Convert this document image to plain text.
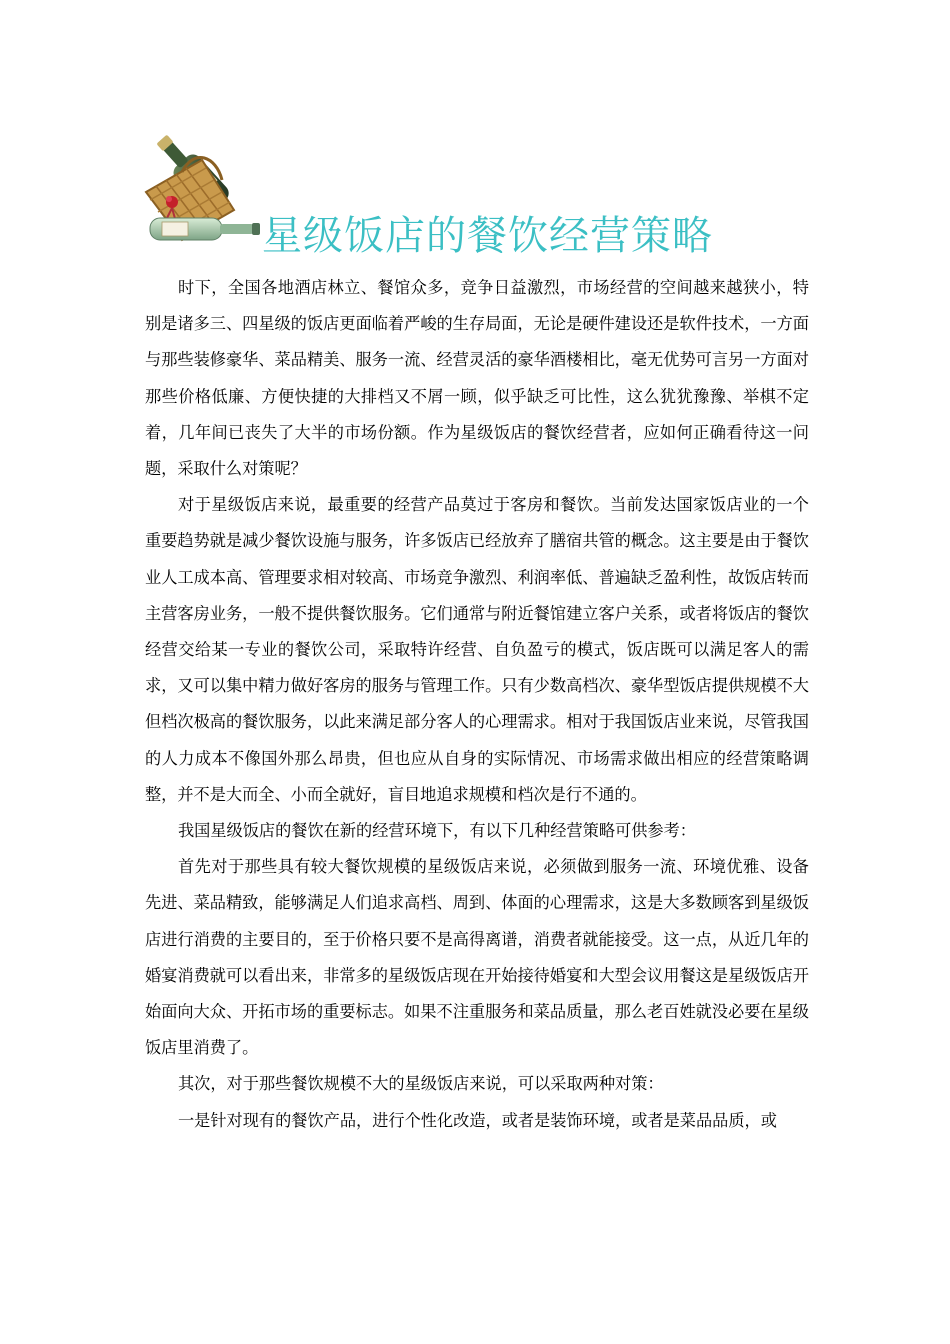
星级饭店的餐饮经营策略

时下，全国各地酒店林立、餐馆众多，竞争日益激烈，市场经营的空间越来越狭小，特别是诸多三、四星级的饭店更面临着严峻的生存局面，无论是硬件建设还是软件技术，一方面与那些装修豪华、菜品精美、服务一流、经营灵活的豪华酒楼相比，毫无优势可言另一方面对那些价格低廉、方便快捷的大排档又不屑一顾，似乎缺乏可比性，这么犹犹豫豫、举棋不定着，几年间已丧失了大半的市场份额。作为星级饭店的餐饮经营者，应如何正确看待这一问题，采取什么对策呢？

对于星级饭店来说，最重要的经营产品莫过于客房和餐饮。当前发达国家饭店业的一个重要趋势就是减少餐饮设施与服务，许多饭店已经放弃了膳宿共管的概念。这主要是由于餐饮业人工成本高、管理要求相对较高、市场竞争激烈、利润率低、普遍缺乏盈利性，故饭店转而主营客房业务，一般不提供餐饮服务。它们通常与附近餐馆建立客户关系，或者将饭店的餐饮经营交给某一专业的餐饮公司，采取特许经营、自负盈亏的模式，饭店既可以满足客人的需求，又可以集中精力做好客房的服务与管理工作。只有少数高档次、豪华型饭店提供规模不大但档次极高的餐饮服务，以此来满足部分客人的心理需求。相对于我国饭店业来说，尽管我国的人力成本不像国外那么昂贵，但也应从自身的实际情况、市场需求做出相应的经营策略调整，并不是大而全、小而全就好，盲目地追求规模和档次是行不通的。

我国星级饭店的餐饮在新的经营环境下，有以下几种经营策略可供参考：

首先对于那些具有较大餐饮规模的星级饭店来说，必须做到服务一流、环境优雅、设备先进、菜品精致，能够满足人们追求高档、周到、体面的心理需求，这是大多数顾客到星级饭店进行消费的主要目的，至于价格只要不是高得离谱，消费者就能接受。这一点，从近几年的婚宴消费就可以看出来，非常多的星级饭店现在开始接待婚宴和大型会议用餐这是星级饭店开始面向大众、开拓市场的重要标志。如果不注重服务和菜品质量，那么老百姓就没必要在星级饭店里消费了。

其次，对于那些餐饮规模不大的星级饭店来说，可以采取两种对策：

一是针对现有的餐饮产品，进行个性化改造，或者是装饰环境，或者是菜品品质，或
